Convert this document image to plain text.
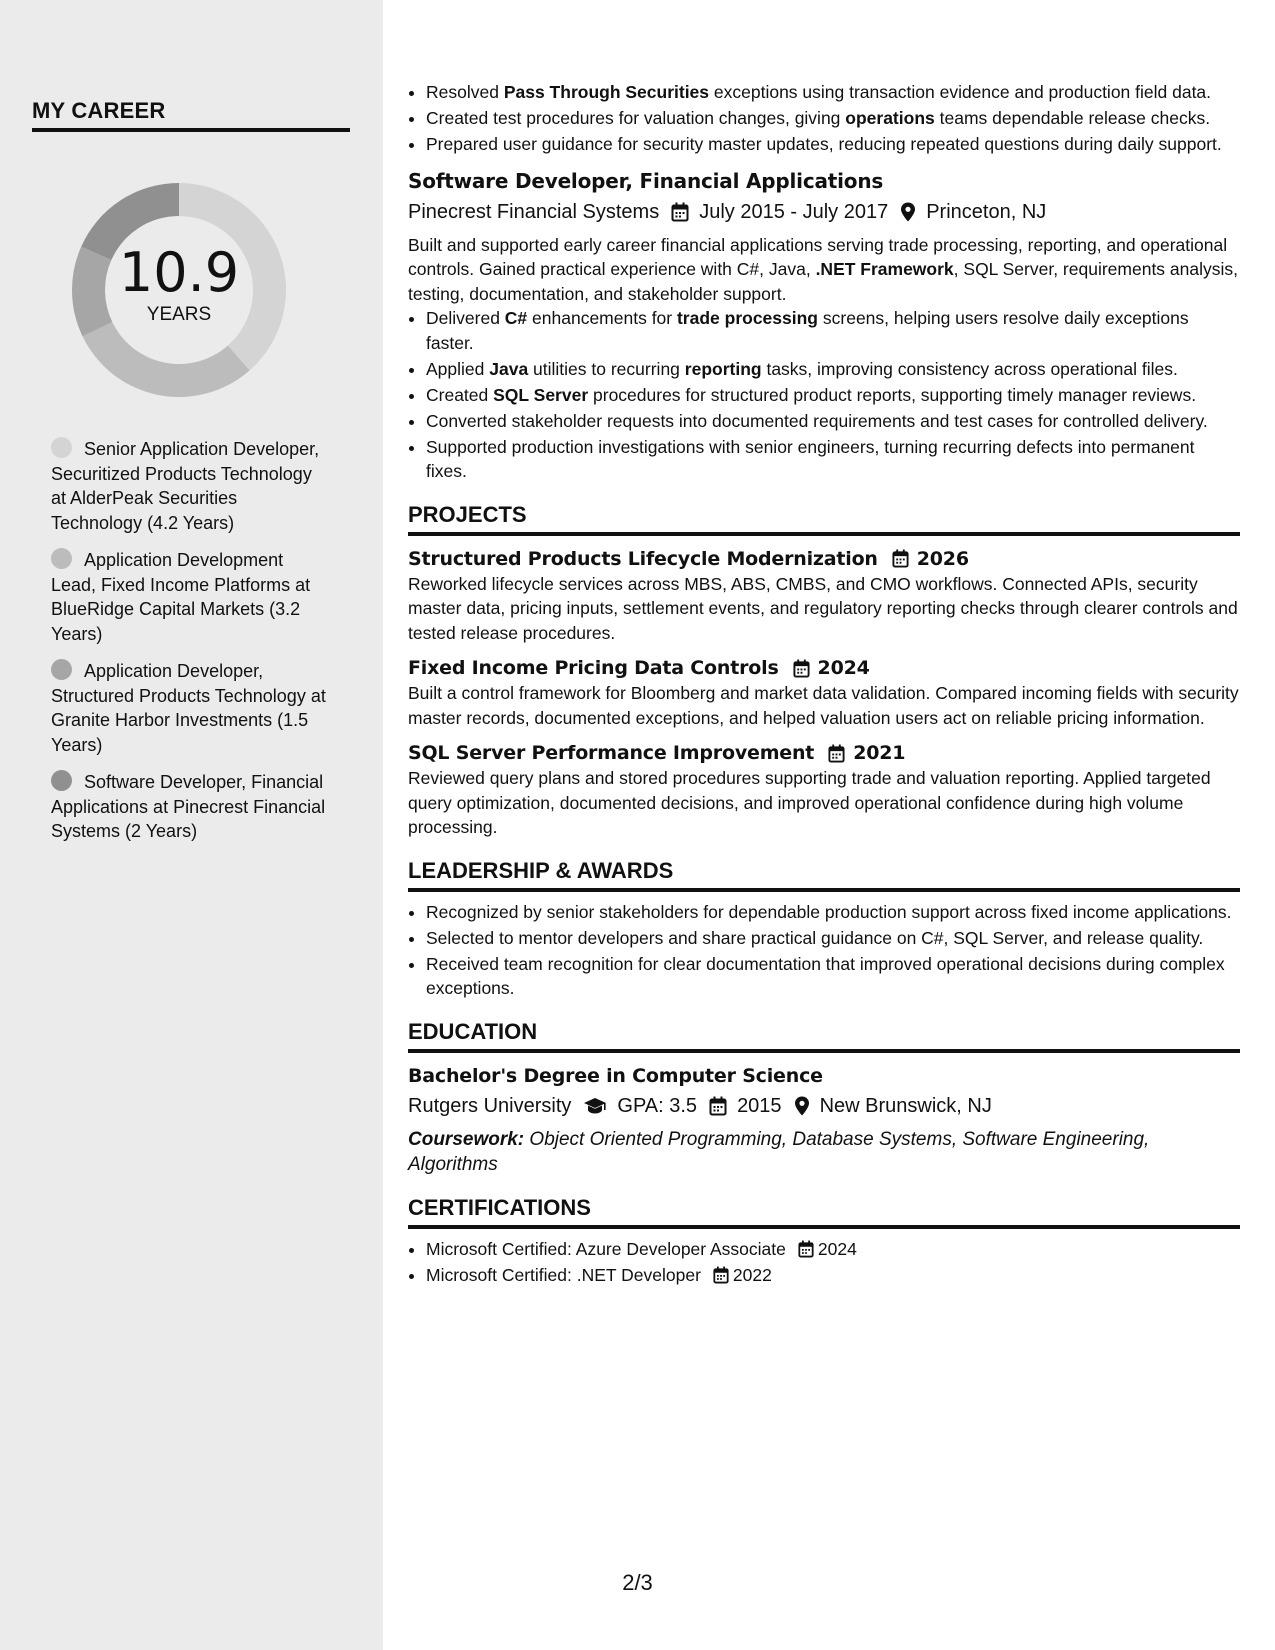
MY CAREER
10.9
YEARS
Senior Application Developer, Securitized Products Technology at AlderPeak Securities Technology (4.2 Years)
Application Development Lead, Fixed Income Platforms at BlueRidge Capital Markets (3.2 Years)
Application Developer, Structured Products Technology at Granite Harbor Investments (1.5 Years)
Software Developer, Financial Applications at Pinecrest Financial Systems (2 Years)
• Resolved Pass Through Securities exceptions using transaction evidence and production field data.
• Created test procedures for valuation changes, giving operations teams dependable release checks.
• Prepared user guidance for security master updates, reducing repeated questions during daily support.
Software Developer, Financial Applications
Pinecrest Financial Systems July 2015 - July 2017 Princeton, NJ

Built and supported early career financial applications serving trade processing, reporting, and operational controls. Gained practical experience with C#, Java, .NET Framework, SQL Server, requirements analysis, testing, documentation, and stakeholder support.

• Delivered C# enhancements for trade processing screens, helping users resolve daily exceptions faster.
• Applied Java utilities to recurring reporting tasks, improving consistency across operational files.
• Created SQL Server procedures for structured product reports, supporting timely manager reviews.
• Converted stakeholder requests into documented requirements and test cases for controlled delivery.
• Supported production investigations with senior engineers, turning recurring defects into permanent fixes.
PROJECTS
Structured Products Lifecycle Modernization 2026

Reworked lifecycle services across MBS, ABS, CMBS, and CMO workflows. Connected APIs, security master data, pricing inputs, settlement events, and regulatory reporting checks through clearer controls and tested release procedures.

Fixed Income Pricing Data Controls 2024

Built a control framework for Bloomberg and market data validation. Compared incoming fields with security master records, documented exceptions, and helped valuation users act on reliable pricing information.

SQL Server Performance Improvement 2021

Reviewed query plans and stored procedures supporting trade and valuation reporting. Applied targeted query optimization, documented decisions, and improved operational confidence during high volume processing.

LEADERSHIP & AWARDS
• Recognized by senior stakeholders for dependable production support across fixed income applications.
• Selected to mentor developers and share practical guidance on C#, SQL Server, and release quality.
• Received team recognition for clear documentation that improved operational decisions during complex exceptions.
EDUCATION
Bachelor's Degree in Computer Science
Rutgers University GPA: 3.5 2015 New Brunswick, NJ

Coursework: Object Oriented Programming, Database Systems, Software Engineering, Algorithms

CERTIFICATIONS
• Microsoft Certified: Azure Developer Associate 2024
• Microsoft Certified: .NET Developer 2022
2/3
